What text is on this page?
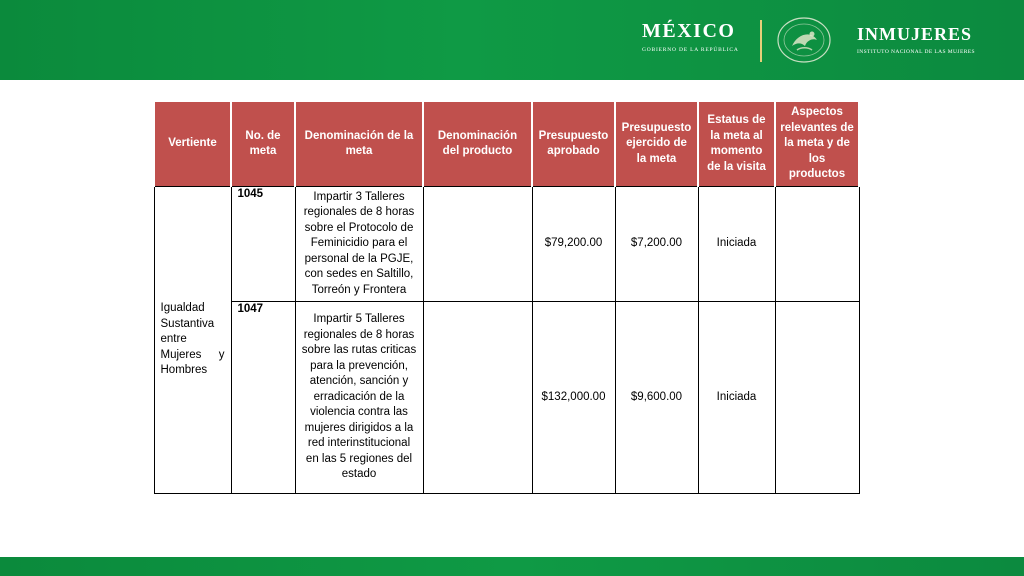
MÉXICO
GOBIERNO DE LA REPÚBLICA
INMUJERES
INSTITUTO NACIONAL DE LAS MUJERES
Vertiente	No. de meta	Denominación de la meta	Denominación del producto	Presupuesto aprobado	Presupuesto ejercido de la meta	Estatus de la meta al momento de la visita	Aspectos relevantes de la meta y de los productos
Igualdad Sustantiva entre Mujeres y Hombres	1045	Impartir 3 Talleres regionales de 8 horas sobre el Protocolo de Feminicidio para el personal de la PGJE, con sedes en Saltillo, Torreón y Frontera		$79,200.00	$7,200.00	Iniciada	
	1047	Impartir 5 Talleres regionales de 8 horas sobre las rutas criticas para la prevención, atención, sanción y erradicación de la violencia contra las mujeres dirigidos a la red interinstitucional en las 5 regiones del estado		$132,000.00	$9,600.00	Iniciada	
